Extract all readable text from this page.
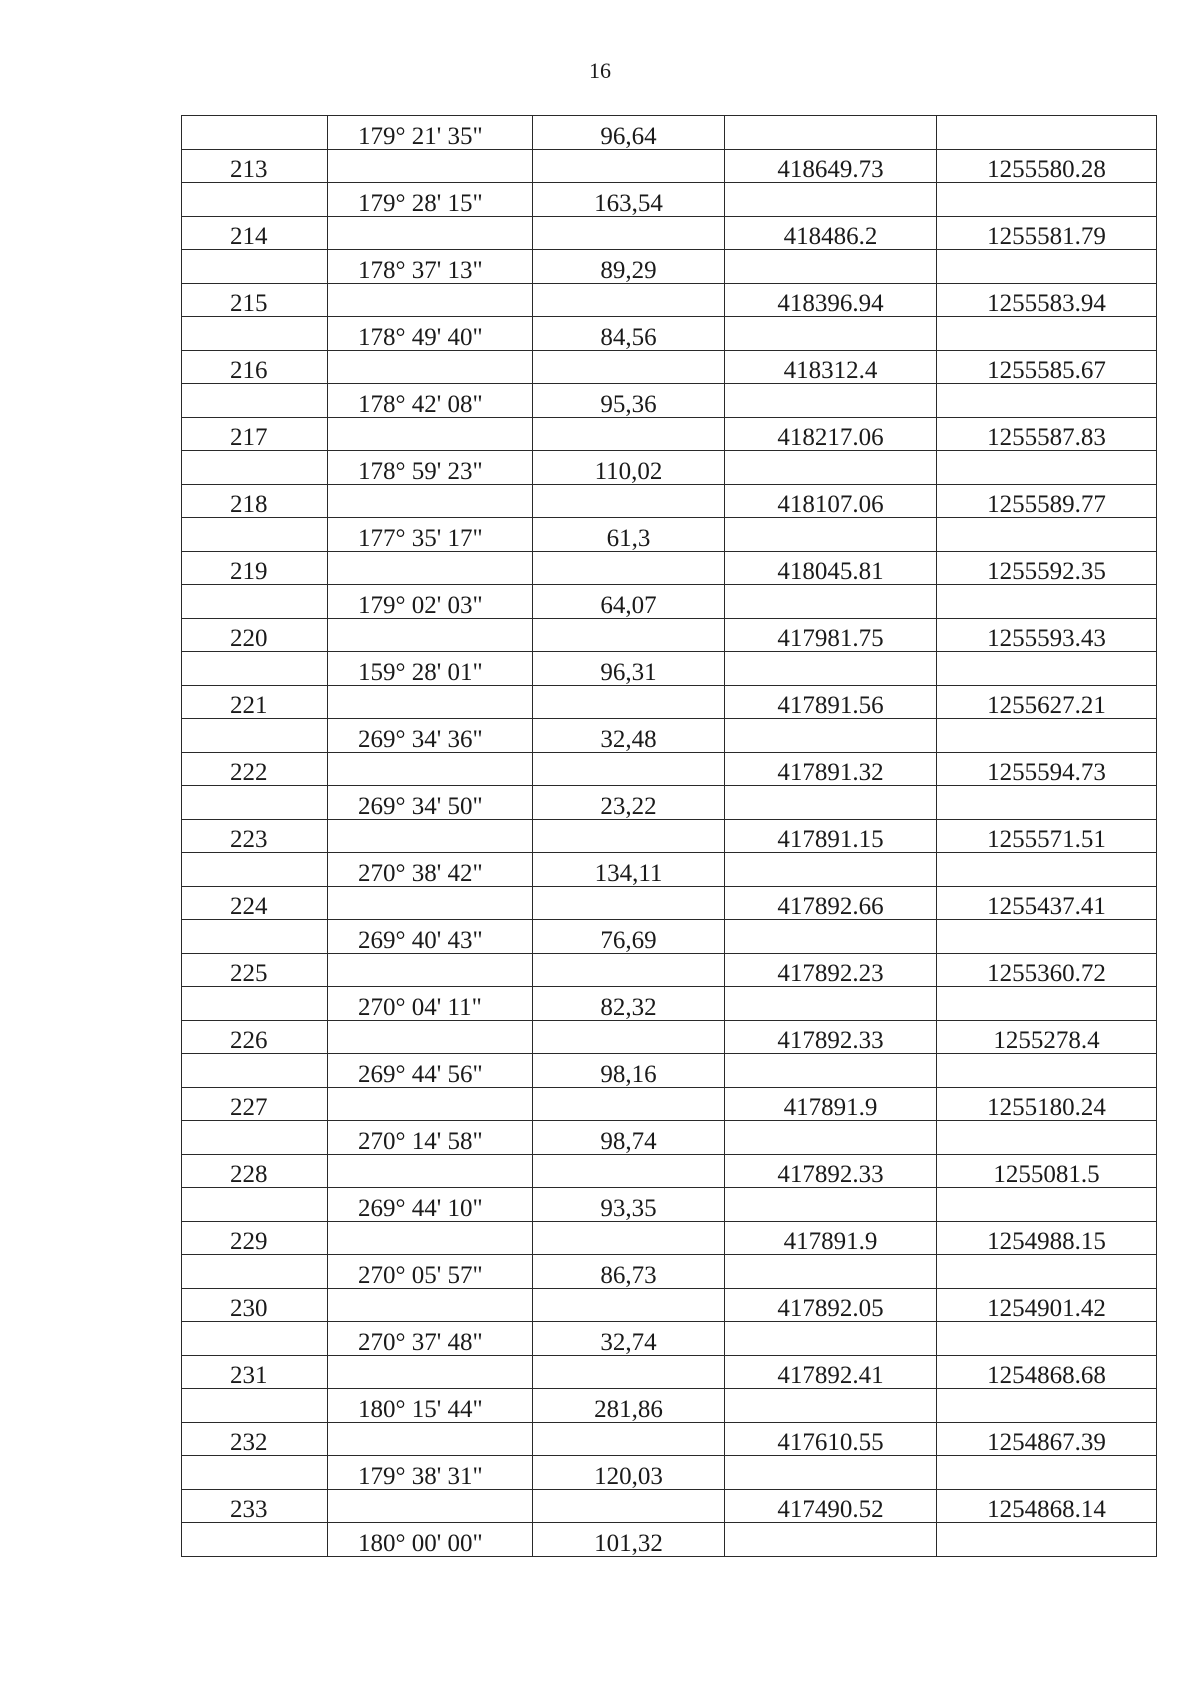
16
	179° 21' 35"	96,64		
213			418649.73	1255580.28
	179° 28' 15"	163,54		
214			418486.2	1255581.79
	178° 37' 13"	89,29		
215			418396.94	1255583.94
	178° 49' 40"	84,56		
216			418312.4	1255585.67
	178° 42' 08"	95,36		
217			418217.06	1255587.83
	178° 59' 23"	110,02		
218			418107.06	1255589.77
	177° 35' 17"	61,3		
219			418045.81	1255592.35
	179° 02' 03"	64,07		
220			417981.75	1255593.43
	159° 28' 01"	96,31		
221			417891.56	1255627.21
	269° 34' 36"	32,48		
222			417891.32	1255594.73
	269° 34' 50"	23,22		
223			417891.15	1255571.51
	270° 38' 42"	134,11		
224			417892.66	1255437.41
	269° 40' 43"	76,69		
225			417892.23	1255360.72
	270° 04' 11"	82,32		
226			417892.33	1255278.4
	269° 44' 56"	98,16		
227			417891.9	1255180.24
	270° 14' 58"	98,74		
228			417892.33	1255081.5
	269° 44' 10"	93,35		
229			417891.9	1254988.15
	270° 05' 57"	86,73		
230			417892.05	1254901.42
	270° 37' 48"	32,74		
231			417892.41	1254868.68
	180° 15' 44"	281,86		
232			417610.55	1254867.39
	179° 38' 31"	120,03		
233			417490.52	1254868.14
	180° 00' 00"	101,32		
